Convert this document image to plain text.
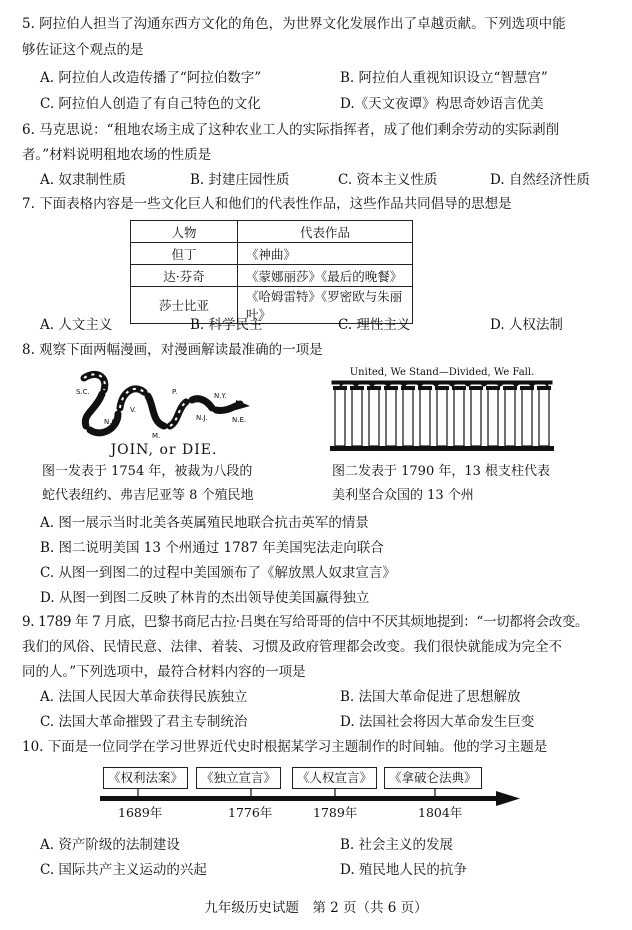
5. 阿拉伯人担当了沟通东西方文化的角色，为世界文化发展作出了卓越贡献。下列选项中能
够佐证这个观点的是
A. 阿拉伯人改造传播了“阿拉伯数字”	B. 阿拉伯人重视知识设立“智慧宫”
C. 阿拉伯人创造了有自己特色的文化	D.《天文夜谭》构思奇妙语言优美
6. 马克思说：“租地农场主成了这种农业工人的实际指挥者，成了他们剩余劳动的实际剥削
者。”材料说明租地农场的性质是
A. 奴隶制性质	B. 封建庄园性质	C. 资本主义性质	D. 自然经济性质
7. 下面表格内容是一些文化巨人和他们的代表性作品，这些作品共同倡导的思想是
人物	代表作品
但丁	《神曲》
达·芬奇	《蒙娜丽莎》《最后的晚餐》
莎士比亚	《哈姆雷特》《罗密欧与朱丽叶》
A. 人文主义	B. 科学民主	C. 理性主义	D. 人权法制
8. 观察下面两幅漫画，对漫画解读最准确的一项是
S.C.
N.C.
V.
M.
P.
N.J.
N.Y.
N.E.
JOIN, or DIE.
United, We Stand—Divided, We Fall.
图一发表于 1754 年，被裁为八段的
蛇代表纽约、弗吉尼亚等 8 个殖民地
图二发表于 1790 年，13 根支柱代表
美利坚合众国的 13 个州
A. 图一展示当时北美各英属殖民地联合抗击英军的情景
B. 图二说明美国 13 个州通过 1787 年美国宪法走向联合
C. 从图一到图二的过程中美国颁布了《解放黑人奴隶宣言》
D. 从图一到图二反映了林肯的杰出领导使美国赢得独立
9. 1789 年 7 月底，巴黎书商尼古拉·吕奥在写给哥哥的信中不厌其烦地提到：“一切都将会改变。
我们的风俗、民情民意、法律、着装、习惯及政府管理都会改变。我们很快就能成为完全不
同的人。”下列选项中，最符合材料内容的一项是
A. 法国人民因大革命获得民族独立	B. 法国大革命促进了思想解放
C. 法国大革命摧毁了君主专制统治	D. 法国社会将因大革命发生巨变
10. 下面是一位同学在学习世界近代史时根据某学习主题制作的时间轴。他的学习主题是
《权利法案》	《独立宣言》	《人权宣言》	《拿破仑法典》
1689年	1776年	1789年	1804年
A. 资产阶级的法制建设	B. 社会主义的发展
C. 国际共产主义运动的兴起	D. 殖民地人民的抗争
九年级历史试题　第 2 页（共 6 页）
